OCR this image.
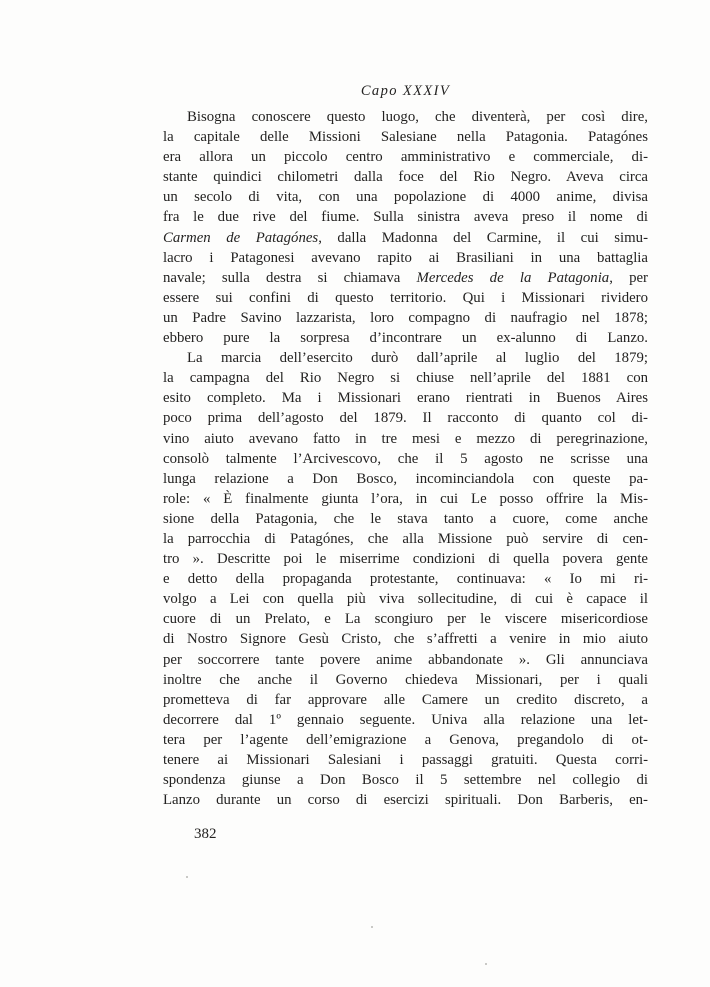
Capo XXXIV
Bisogna conoscere questo luogo, che diventerà, per così dire,
la capitale delle Missioni Salesiane nella Patagonia. Patagónes
era allora un piccolo centro amministrativo e commerciale, di-
stante quindici chilometri dalla foce del Rio Negro. Aveva circa
un secolo di vita, con una popolazione di 4000 anime, divisa
fra le due rive del fiume. Sulla sinistra aveva preso il nome di
Carmen de Patagónes, dalla Madonna del Carmine, il cui simu-
lacro i Patagonesi avevano rapito ai Brasiliani in una battaglia
navale; sulla destra si chiamava Mercedes de la Patagonia, per
essere sui confini di questo territorio. Qui i Missionari rividero
un Padre Savino lazzarista, loro compagno di naufragio nel 1878;
ebbero pure la sorpresa d’incontrare un ex-alunno di Lanzo.
La marcia dell’esercito durò dall’aprile al luglio del 1879;
la campagna del Rio Negro si chiuse nell’aprile del 1881 con
esito completo. Ma i Missionari erano rientrati in Buenos Aires
poco prima dell’agosto del 1879. Il racconto di quanto col di-
vino aiuto avevano fatto in tre mesi e mezzo di peregrinazione,
consolò talmente l’Arcivescovo, che il 5 agosto ne scrisse una
lunga relazione a Don Bosco, incominciandola con queste pa-
role: « È finalmente giunta l’ora, in cui Le posso offrire la Mis-
sione della Patagonia, che le stava tanto a cuore, come anche
la parrocchia di Patagónes, che alla Missione può servire di cen-
tro ». Descritte poi le miserrime condizioni di quella povera gente
e detto della propaganda protestante, continuava: « Io mi ri-
volgo a Lei con quella più viva sollecitudine, di cui è capace il
cuore di un Prelato, e La scongiuro per le viscere misericordiose
di Nostro Signore Gesù Cristo, che s’affretti a venire in mio aiuto
per soccorrere tante povere anime abbandonate ». Gli annunciava
inoltre che anche il Governo chiedeva Missionari, per i quali
prometteva di far approvare alle Camere un credito discreto, a
decorrere dal 1º gennaio seguente. Univa alla relazione una let-
tera per l’agente dell’emigrazione a Genova, pregandolo di ot-
tenere ai Missionari Salesiani i passaggi gratuiti. Questa corri-
spondenza giunse a Don Bosco il 5 settembre nel collegio di
Lanzo durante un corso di esercizi spirituali. Don Barberis, en-
382
